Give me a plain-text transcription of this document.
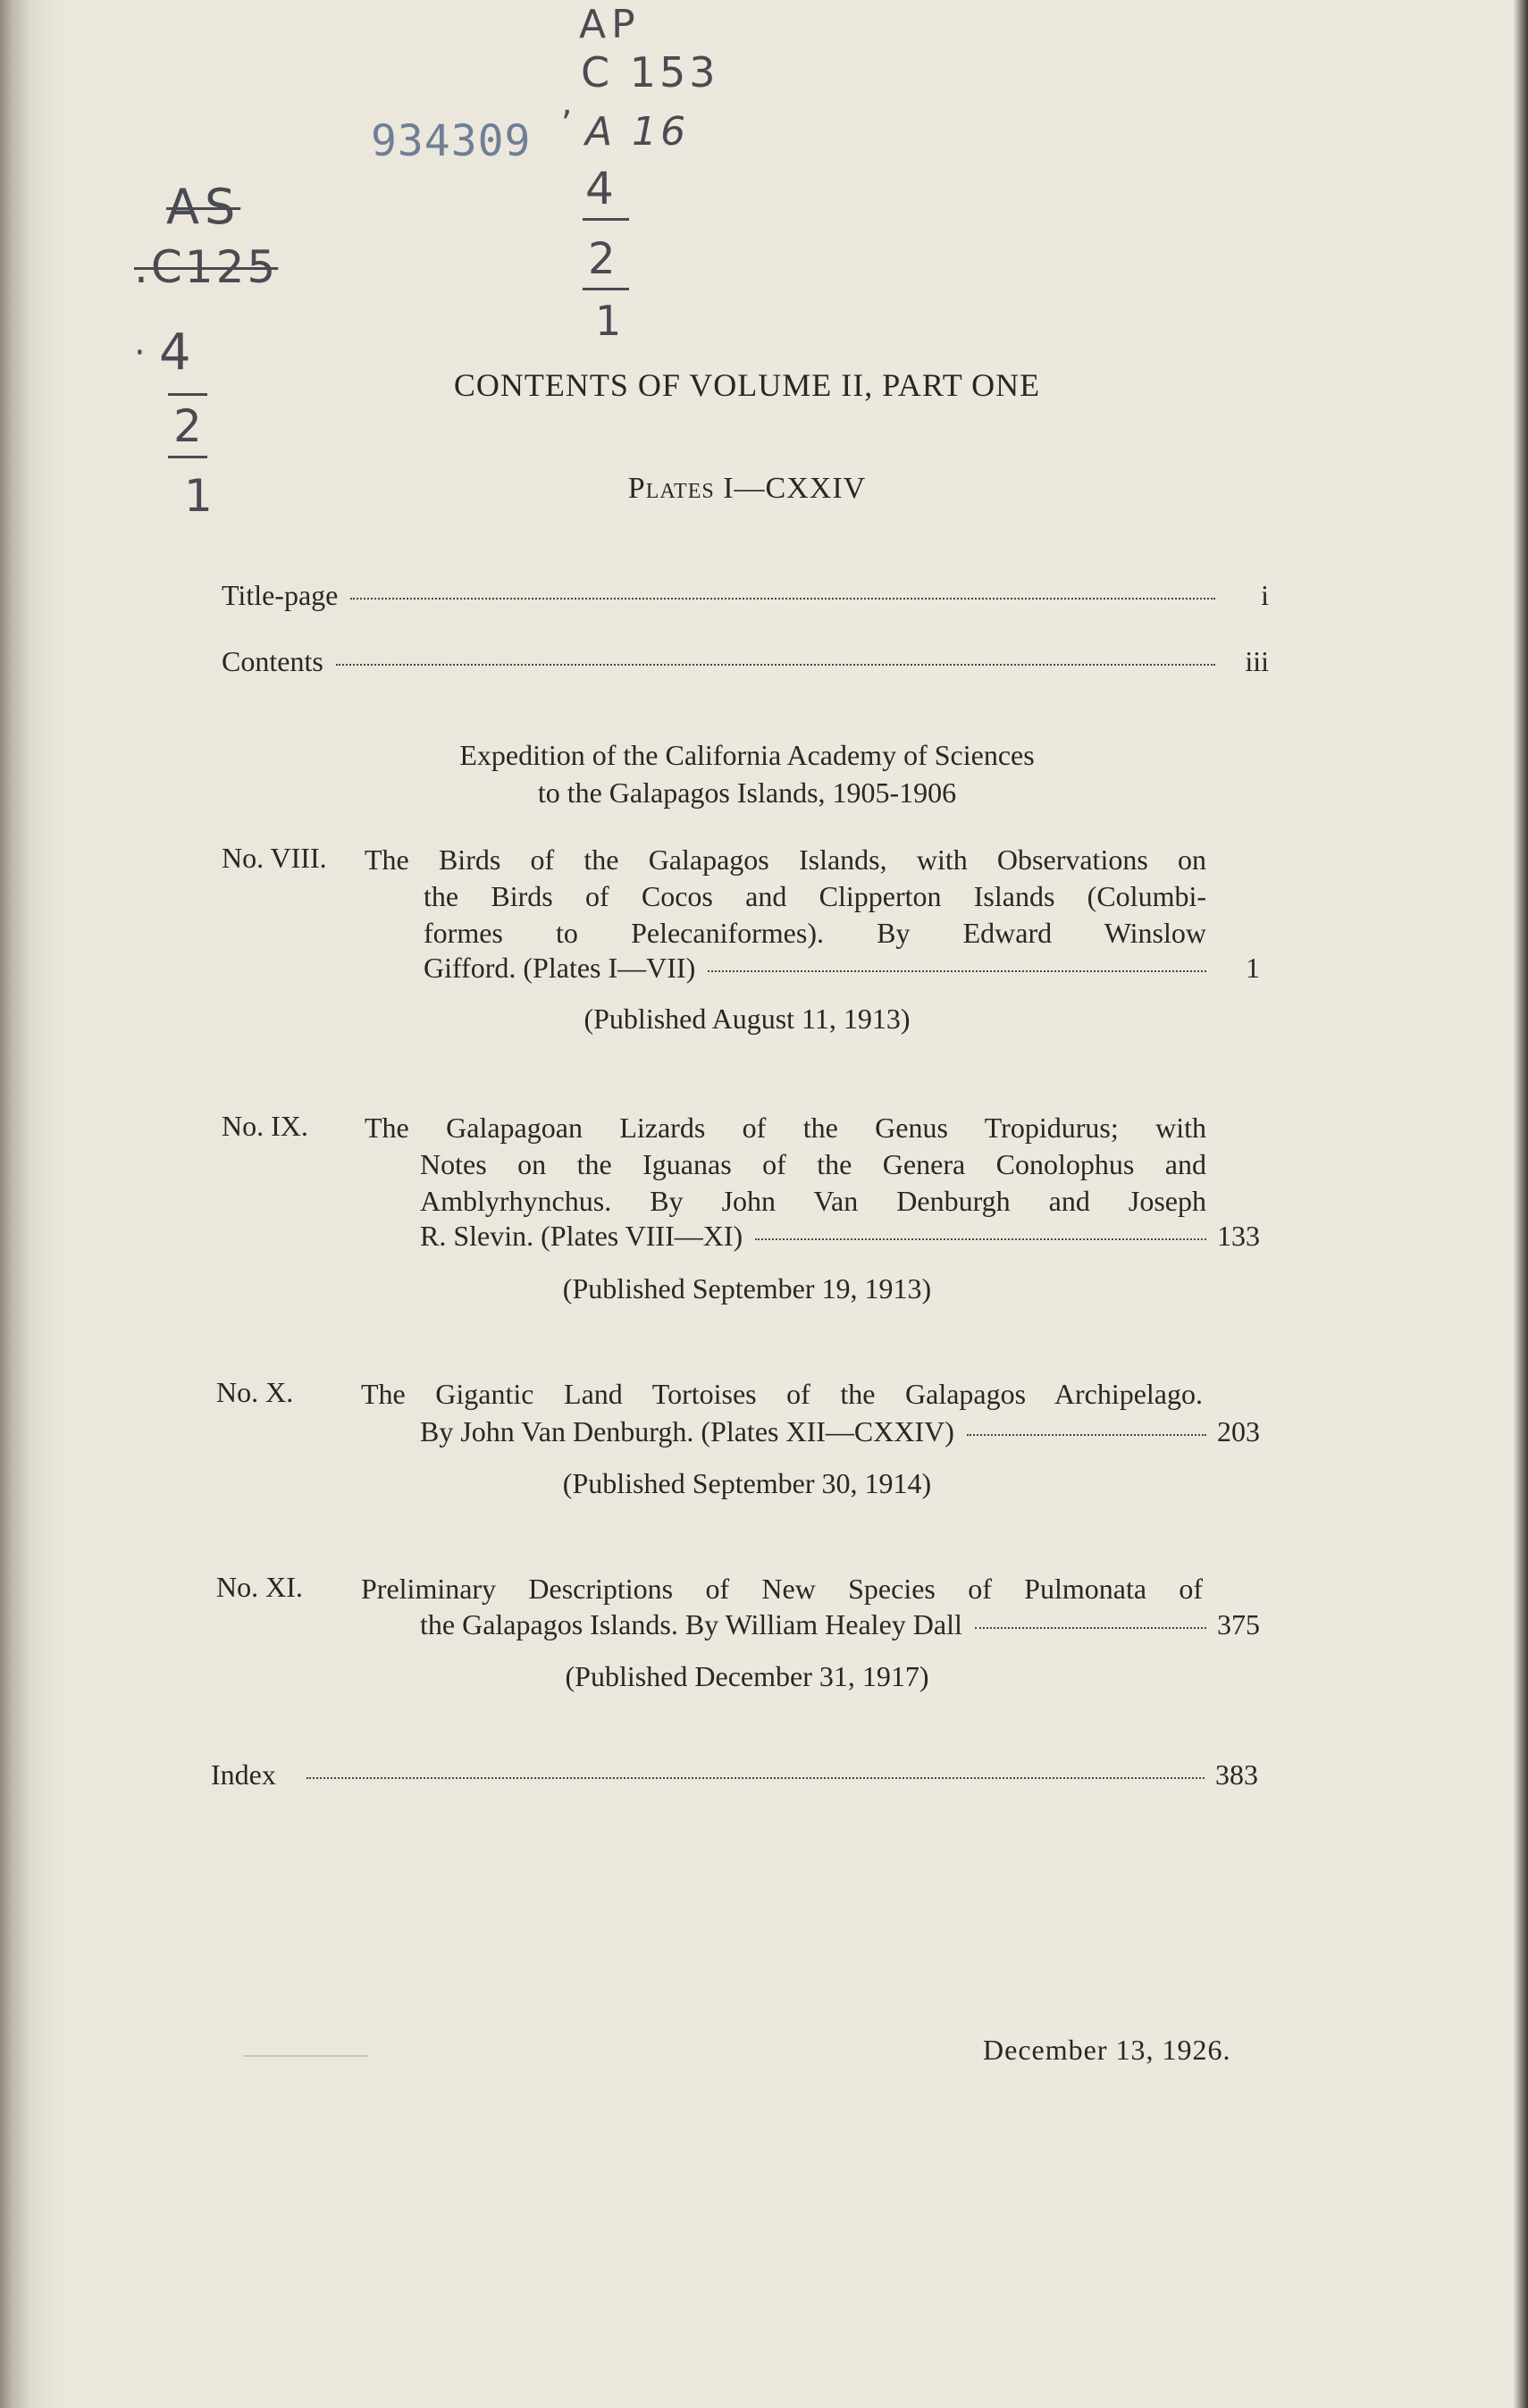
AP
C 153
A 16
,
934309
4
2
1
AS
.C125
4
·
2
1
CONTENTS OF VOLUME II, PART ONE
Plates I—CXXIV
Title-page	i
Contents	iii
Expedition of the California Academy of Sciences
to the Galapagos Islands, 1905-1906
No. VIII. The Birds of the Galapagos Islands, with Observations on
the Birds of Cocos and Clipperton Islands (Columbi-
formes to Pelecaniformes). By Edward Winslow
Gifford. (Plates I—VII)	1
(Published August 11, 1913)
No. IX. The Galapagoan Lizards of the Genus Tropidurus; with
Notes on the Iguanas of the Genera Conolophus and
Amblyrhynchus. By John Van Denburgh and Joseph
R. Slevin. (Plates VIII—XI)	133
(Published September 19, 1913)
No. X. The Gigantic Land Tortoises of the Galapagos Archipelago.
By John Van Denburgh. (Plates XII—CXXIV)	203
(Published September 30, 1914)
No. XI. Preliminary Descriptions of New Species of Pulmonata of
the Galapagos Islands. By William Healey Dall	375
(Published December 31, 1917)
Index	383
December 13, 1926.
